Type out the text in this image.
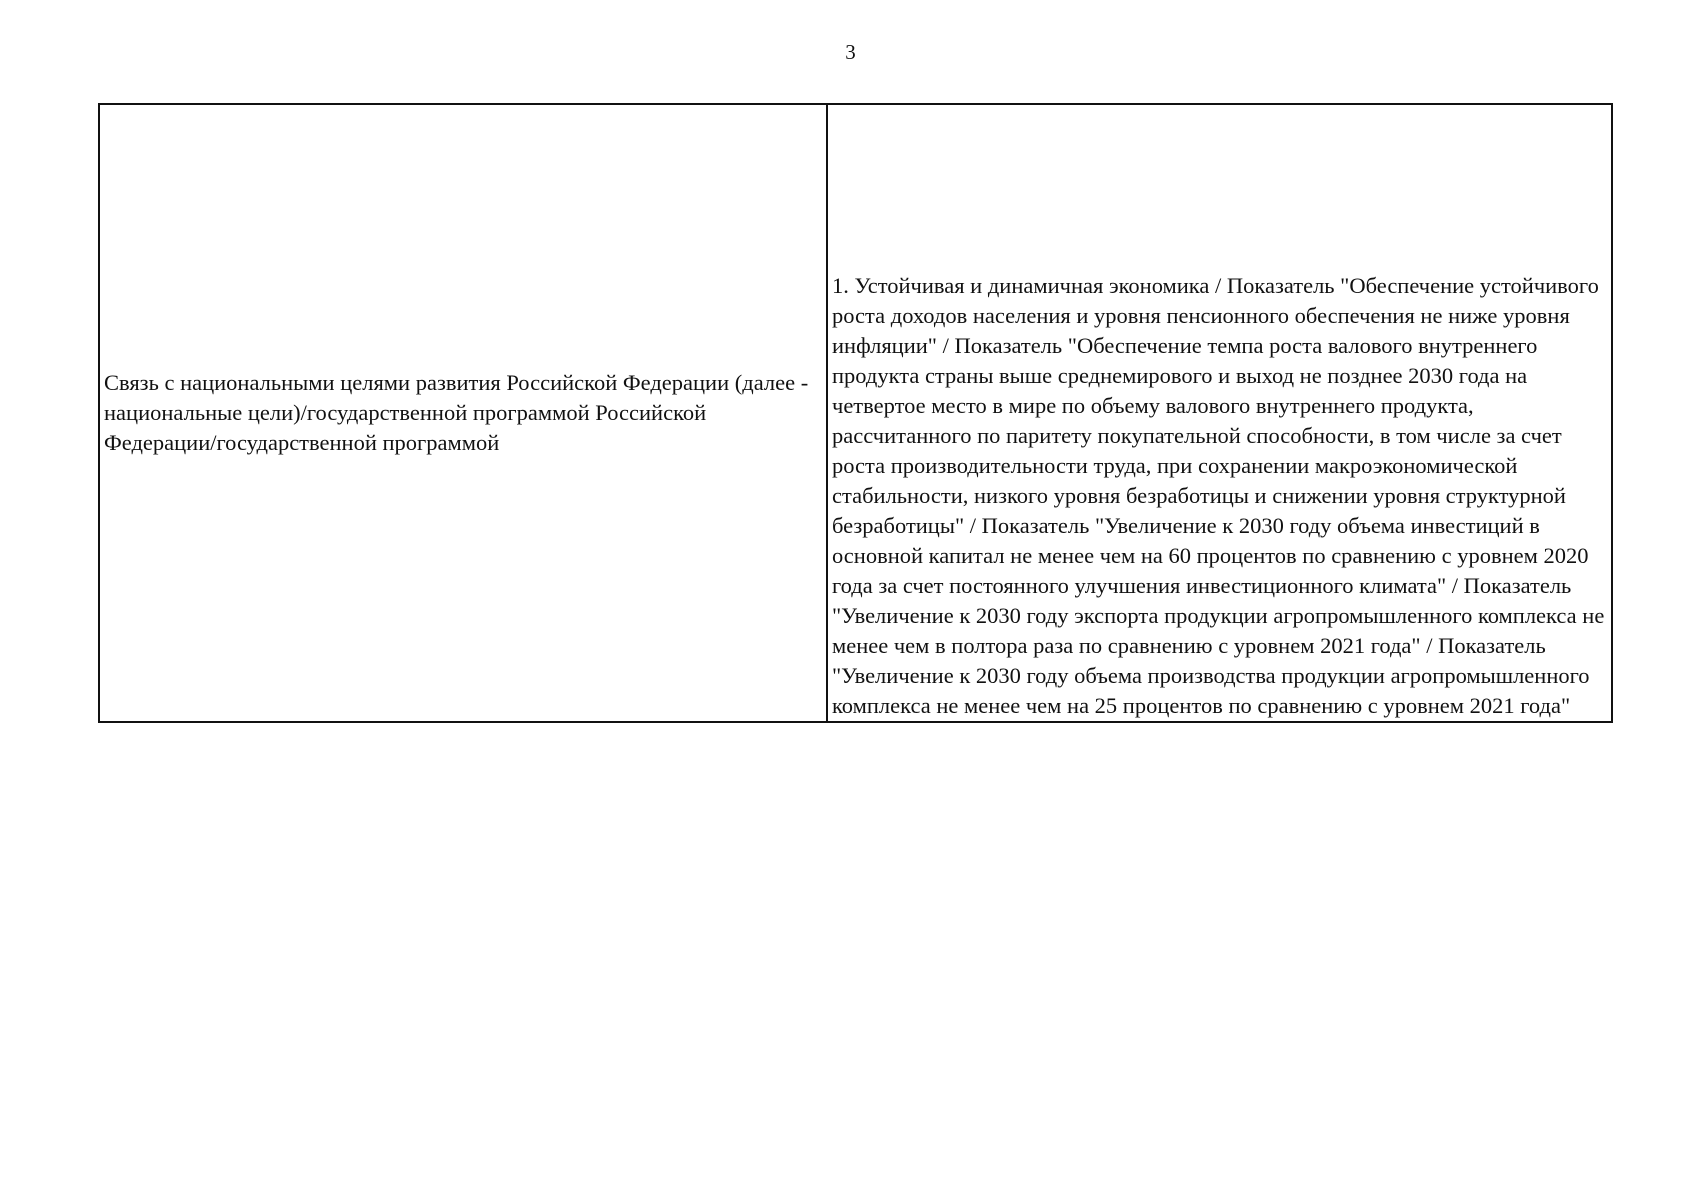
3
Связь с национальными целями развития Российской Федерации (далее - национальные цели)/государственной программой Российской Федерации/государственной программой	1. Устойчивая и динамичная экономика / Показатель "Обеспечение устойчивого роста доходов населения и уровня пенсионного обеспечения не ниже уровня инфляции" / Показатель "Обеспечение темпа роста валового внутреннего продукта страны выше среднемирового и выход не позднее 2030 года на четвертое место в мире по объему валового внутреннего продукта, рассчитанного по паритету покупательной способности, в том числе за счет роста производительности труда, при сохранении макроэкономической стабильности, низкого уровня безработицы и снижении уровня структурной безработицы" / Показатель "Увеличение к 2030 году объема инвестиций в основной капитал не менее чем на 60 процентов по сравнению с уровнем 2020 года за счет постоянного улучшения инвестиционного климата" / Показатель "Увеличение к 2030 году экспорта продукции агропромышленного комплекса не менее чем в полтора раза по сравнению с уровнем 2021 года" / Показатель "Увеличение к 2030 году объема производства продукции агропромышленного комплекса не менее чем на 25 процентов по сравнению с уровнем 2021 года"
